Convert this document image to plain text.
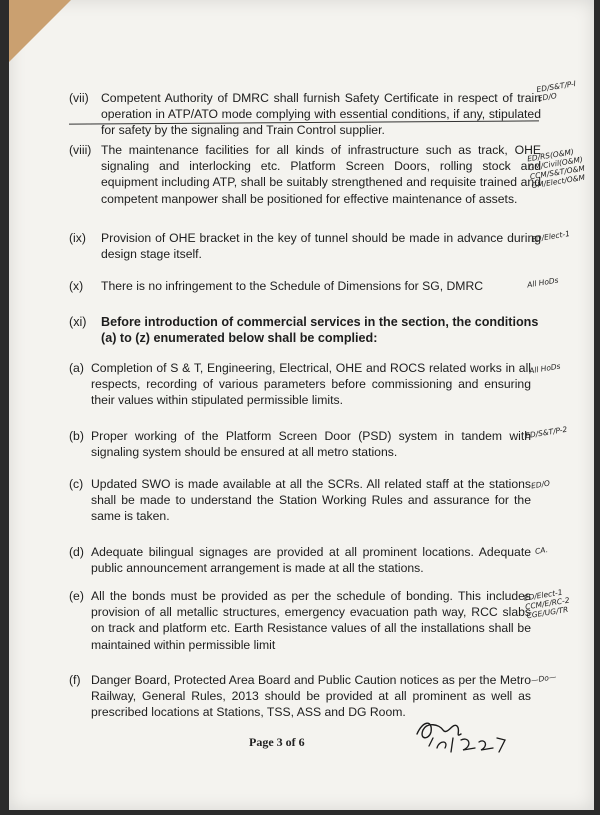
(vii) Competent Authority of DMRC shall furnish Safety Certificate in respect of train operation in ATP/ATO mode complying with essential conditions, if any, stipulated for safety by the signaling and Train Control supplier.
ED/S&T/P-I
ED/O
(viii) The maintenance facilities for all kinds of infrastructure such as track, OHE signaling and interlocking etc. Platform Screen Doors, rolling stock and equipment including ATP, shall be suitably strengthened and requisite trained and competent manpower shall be positioned for effective maintenance of assets.
ED/RS(O&M)
GM/Civil(O&M)
CCM/S&T/O&M
GM/Elect/O&M
(ix) Provision of OHE bracket in the key of tunnel should be made in advance during design stage itself.
ED/Elect-1
(x) There is no infringement to the Schedule of Dimensions for SG, DMRC	All HoDs
(xi) Before introduction of commercial services in the section, the conditions (a) to (z) enumerated below shall be complied:
(a) Completion of S & T, Engineering, Electrical, OHE and ROCS related works in all respects, recording of various parameters before commissioning and ensuring their values within stipulated permissible limits.
All HoDs
(b) Proper working of the Platform Screen Door (PSD) system in tandem with signaling system should be ensured at all metro stations.
ED/S&T/P-2
(c) Updated SWO is made available at all the SCRs. All related staff at the stations shall be made to understand the Station Working Rules and assurance for the same is taken.
ED/O
(d) Adequate bilingual signages are provided at all prominent locations. Adequate public announcement arrangement is made at all the stations.
CA.
(e) All the bonds must be provided as per the schedule of bonding. This includes provision of all metallic structures, emergency evacuation path way, RCC slabs on track and platform etc. Earth Resistance values of all the installations shall be maintained within permissible limit
ED/Elect-1
CCM/E/RC-2
CGE/UG/TR
(f) Danger Board, Protected Area Board and Public Caution notices as per the Metro Railway, General Rules, 2013 should be provided at all prominent as well as prescribed locations at Stations, TSS, ASS and DG Room.
—Do—
Page 3 of 6
